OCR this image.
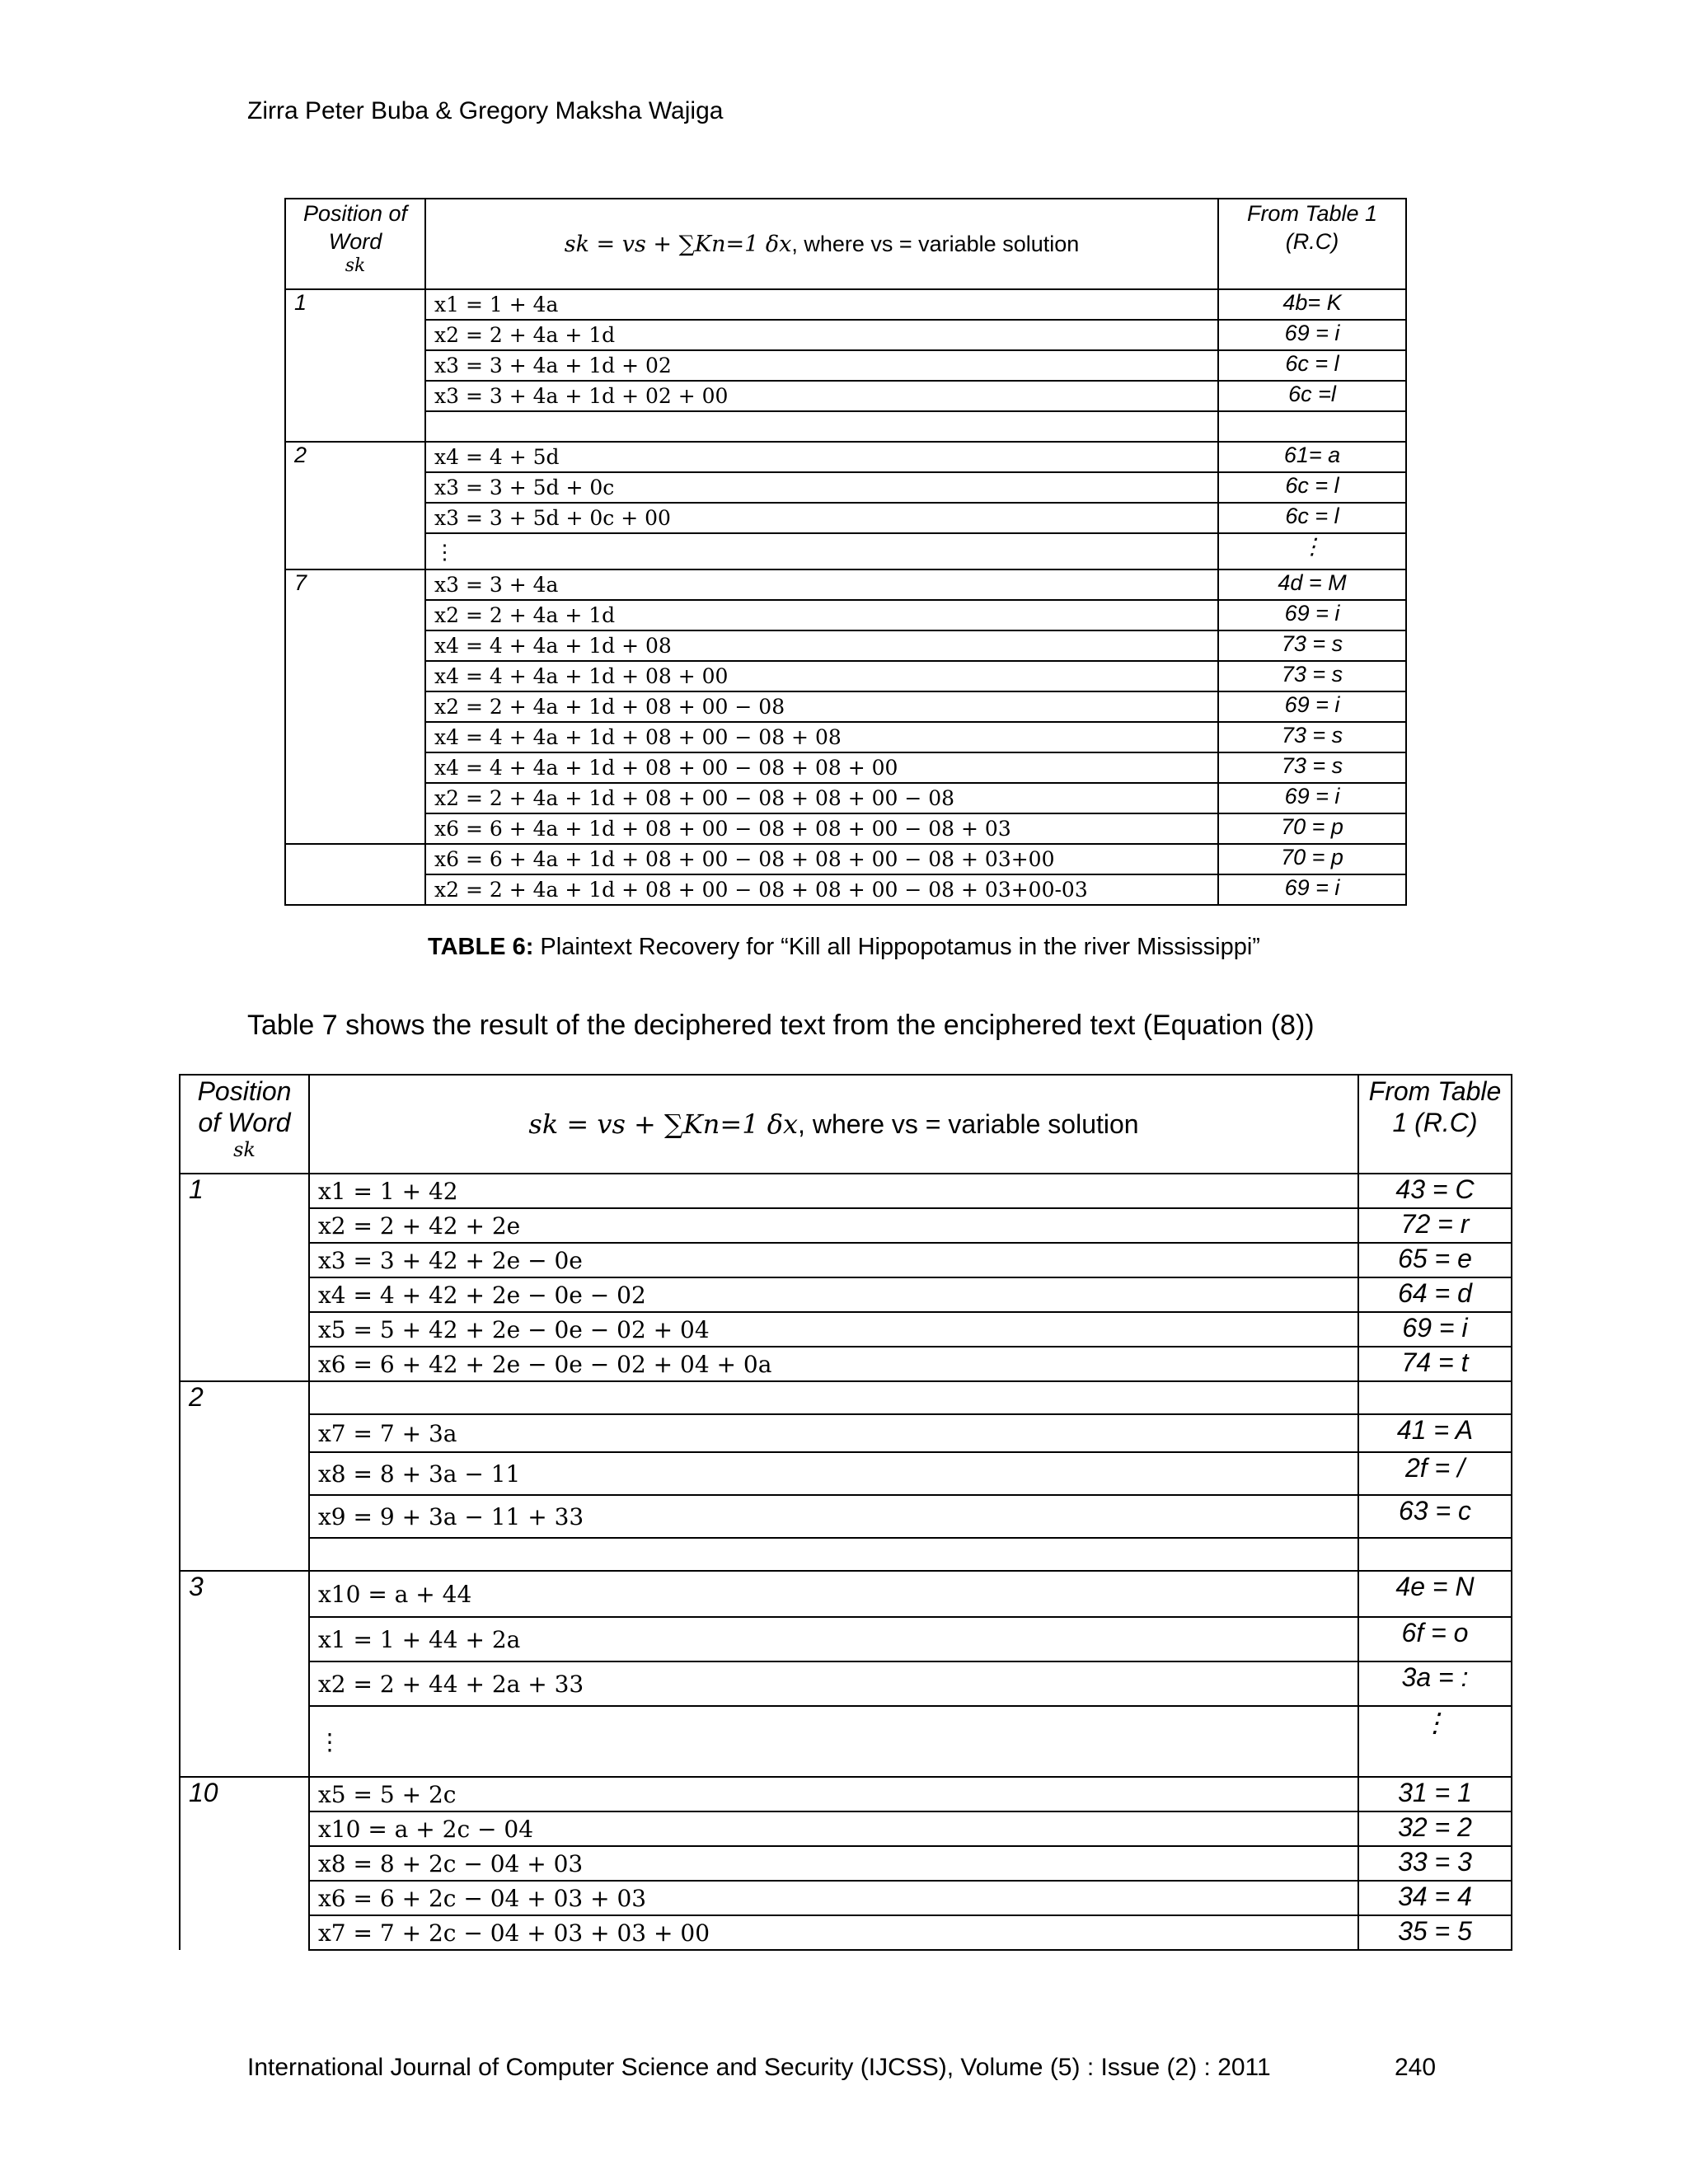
Zirra Peter Buba & Gregory Maksha Wajiga
Position of Word
sk	sk = vs + ∑Kn=1 δx, where vs = variable solution	From Table 1 (R.C)

1	x1 = 1 + 4a	4b= K
	x2 = 2 + 4a + 1d	69 = i
	x3 = 3 + 4a + 1d + 02	6c = l
	x3 = 3 + 4a + 1d + 02 + 00	6c =l

2	x4 = 4 + 5d	61= a
	x3 = 3 + 5d + 0c	6c = l
	x3 = 3 + 5d + 0c + 00	6c = l
	⋮	⋮
7	x3 = 3 + 4a	4d = M
	x2 = 2 + 4a + 1d	69 = i
	x4 = 4 + 4a + 1d + 08	73 = s
	x4 = 4 + 4a + 1d + 08 + 00	73 = s
	x2 = 2 + 4a + 1d + 08 + 00 − 08	69 = i
	x4 = 4 + 4a + 1d + 08 + 00 − 08 + 08	73 = s
	x4 = 4 + 4a + 1d + 08 + 00 − 08 + 08 + 00	73 = s
	x2 = 2 + 4a + 1d + 08 + 00 − 08 + 08 + 00 − 08	69 = i
	x6 = 6 + 4a + 1d + 08 + 00 − 08 + 08 + 00 − 08 + 03	70 = p
	x6 = 6 + 4a + 1d + 08 + 00 − 08 + 08 + 00 − 08 + 03+00	70 = p
	x2 = 2 + 4a + 1d + 08 + 00 − 08 + 08 + 00 − 08 + 03+00-03	69 = i
TABLE 6: Plaintext Recovery for “Kill all Hippopotamus in the river Mississippi”
Table 7 shows the result of the deciphered text from the enciphered text (Equation (8))
Position of Word
sk	sk = vs + ∑Kn=1 δx, where vs = variable solution	From Table 1 (R.C)

1	x1 = 1 + 42	43 = C
	x2 = 2 + 42 + 2e	72 = r
	x3 = 3 + 42 + 2e − 0e	65 = e
	x4 = 4 + 42 + 2e − 0e − 02	64 = d
	x5 = 5 + 42 + 2e − 0e − 02 + 04	69 = i
	x6 = 6 + 42 + 2e − 0e − 02 + 04 + 0a	74 = t
2		
	x7 = 7 + 3a	41 = A
	x8 = 8 + 3a − 11	2f = /
	x9 = 9 + 3a − 11 + 33	63 = c

3	x10 = a + 44	4e = N
	x1 = 1 + 44 + 2a	6f = o
	x2 = 2 + 44 + 2a + 33	3a = :
	⋮	⋮
10	x5 = 5 + 2c	31 = 1
	x10 = a + 2c − 04	32 = 2
	x8 = 8 + 2c − 04 + 03	33 = 3
	x6 = 6 + 2c − 04 + 03 + 03	34 = 4
	x7 = 7 + 2c − 04 + 03 + 03 + 00	35 = 5
International Journal of Computer Science and Security (IJCSS), Volume (5) : Issue (2) : 2011	240
